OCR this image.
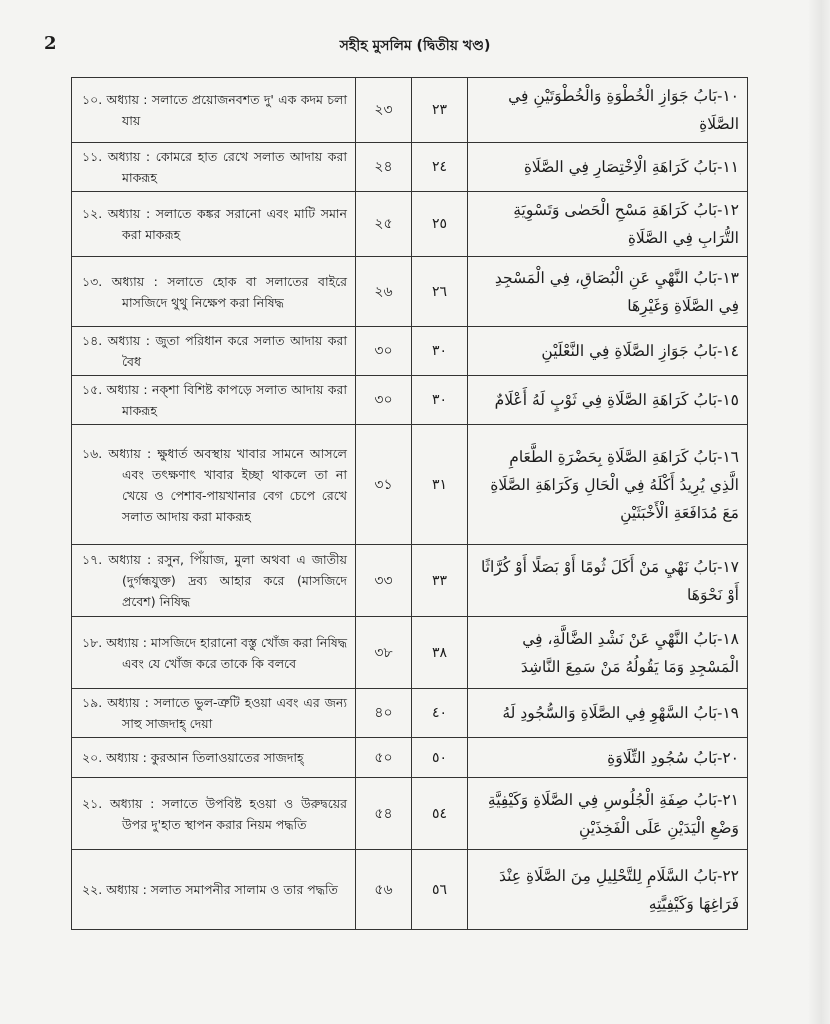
2	সহীহ মুসলিম (দ্বিতীয় খণ্ড)
১০. অধ্যায় : সলাতে প্রয়োজনবশত দু' এক কদম চলা যায়	২৩	٢٣	١٠-بَابُ جَوَازِ الْخُطْوَةِ وَالْخُطْوَتَيْنِ فِي الصَّلَاةِ

১১. অধ্যায় : কোমরে হাত রেখে সলাত আদায় করা মাকরূহ	২৪	٢٤	١١-بَابُ كَرَاهَةِ الْاِخْتِصَارِ فِي الصَّلَاةِ

১২. অধ্যায় : সলাতে কঙ্কর সরানো এবং মাটি সমান করা মাকরূহ	২৫	٢٥	١٢-بَابُ كَرَاهَةِ مَسْحِ الْحَصٰى وَتَسْوِيَةِ التُّرَابِ فِي الصَّلَاةِ

১৩. অধ্যায় : সলাতে হোক বা সলাতের বাইরে মাসজিদে থুথু নিক্ষেপ করা নিষিদ্ধ	২৬	٢٦	١٣-بَابُ النَّهْيِ عَنِ الْبُصَاقِ، فِي الْمَسْجِدِ فِي الصَّلَاةِ وَغَيْرِهَا

১৪. অধ্যায় : জুতা পরিধান করে সলাত আদায় করা বৈধ	৩০	٣٠	١٤-بَابُ جَوَازِ الصَّلَاةِ فِي النَّعْلَيْنِ

১৫. অধ্যায় : নক্শা বিশিষ্ট কাপড়ে সলাত আদায় করা মাকরূহ	৩০	٣٠	١٥-بَابُ كَرَاهَةِ الصَّلَاةِ فِي ثَوْبٍ لَهُ أَعْلَامٌ

১৬. অধ্যায় : ক্ষুধার্ত অবস্থায় খাবার সামনে আসলে এবং তৎক্ষণাৎ খাবার ইচ্ছা থাকলে তা না খেয়ে ও পেশাব-পায়খানার বেগ চেপে রেখে সলাত আদায় করা মাকরূহ	৩১	٣١	١٦-بَابُ كَرَاهَةِ الصَّلَاةِ بِحَضْرَةِ الطَّعَامِ الَّذِي يُرِيدُ أَكْلَهُ فِي الْحَالِ وَكَرَاهَةِ الصَّلَاةِ مَعَ مُدَافَعَةِ الْأَخْبَثَيْنِ

১৭. অধ্যায় : রসুন, পিঁয়াজ, মুলা অথবা এ জাতীয় (দুর্গন্ধযুক্ত) দ্রব্য আহার করে (মাসজিদে প্রবেশ) নিষিদ্ধ	৩৩	٣٣	١٧-بَابُ نَهْيِ مَنْ أَكَلَ ثُومًا أَوْ بَصَلًا أَوْ كُرَّاثًا أَوْ نَحْوَهَا

১৮. অধ্যায় : মাসজিদে হারানো বস্তু খোঁজ করা নিষিদ্ধ এবং যে খোঁজ করে তাকে কি বলবে	৩৮	٣٨	١٨-بَابُ النَّهْيِ عَنْ نَشْدِ الضَّالَّةِ، فِي الْمَسْجِدِ وَمَا يَقُولُهُ مَنْ سَمِعَ النَّاشِدَ

১৯. অধ্যায় : সলাতে ভুল-ত্রুটি হওয়া এবং এর জন্য সাহু সাজদাহ্ দেয়া	৪০	٤٠	١٩-بَابُ السَّهْوِ فِي الصَّلَاةِ وَالسُّجُودِ لَهُ

২০. অধ্যায় : কুরআন তিলাওয়াতের সাজদাহ্	৫০	٥٠	٢٠-بَابُ سُجُودِ التِّلَاوَةِ

২১. অধ্যায় : সলাতে উপবিষ্ট হওয়া ও উরুদ্বয়ের উপর দু'হাত স্থাপন করার নিয়ম পদ্ধতি	৫৪	٥٤	٢١-بَابُ صِفَةِ الْجُلُوسِ فِي الصَّلَاةِ وَكَيْفِيَّةِ وَضْعِ الْيَدَيْنِ عَلَى الْفَخِذَيْنِ

২২. অধ্যায় : সলাত সমাপনীর সালাম ও তার পদ্ধতি	৫৬	٥٦	٢٢-بَابُ السَّلَامِ لِلتَّحْلِيلِ مِنَ الصَّلَاةِ عِنْدَ فَرَاغِهَا وَكَيْفِيَّتِهِ
